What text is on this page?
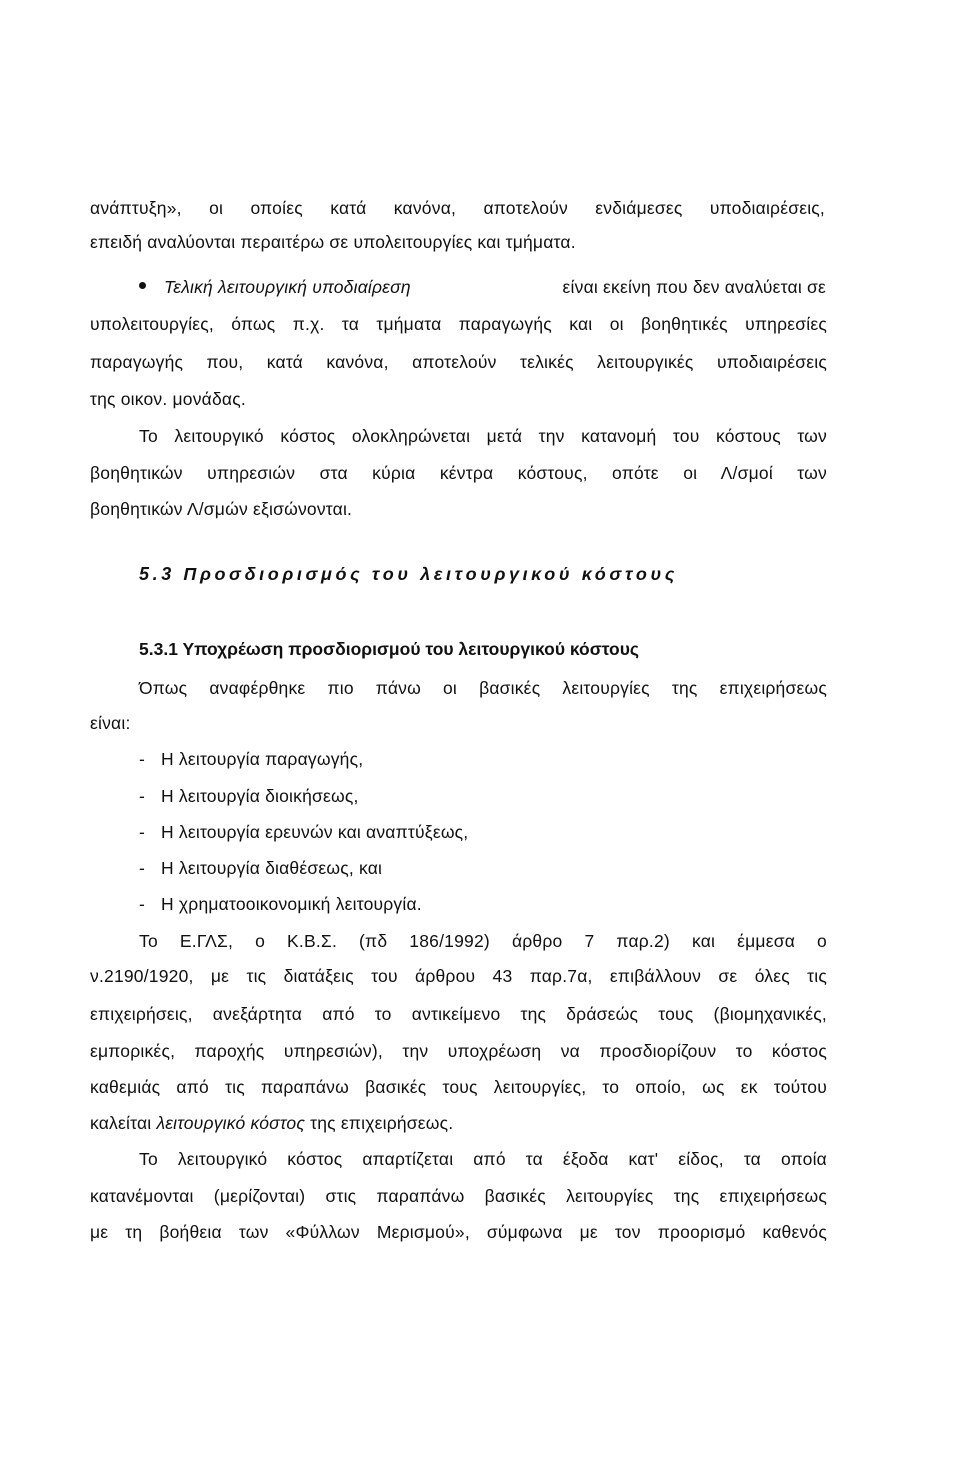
ανάπτυξη», οι οποίες κατά κανόνα, αποτελούν ενδιάμεσες υποδιαιρέσεις,
επειδή αναλύονται περαιτέρω σε υπολειτουργίες και τμήματα.
Τελική λειτουργική υποδιαίρεση	είναι εκείνη που δεν αναλύεται σε
υπολειτουργίες, όπως π.χ. τα τμήματα παραγωγής και οι βοηθητικές υπηρεσίες
παραγωγής που, κατά κανόνα, αποτελούν τελικές λειτουργικές υποδιαιρέσεις
της οικον. μονάδας.
Το λειτουργικό κόστος ολοκληρώνεται μετά την κατανομή του κόστους των
βοηθητικών υπηρεσιών στα κύρια κέντρα κόστους, οπότε οι Λ/σμοί των
βοηθητικών Λ/σμών εξισώνονται.
5.3 Προσδιορισμός του λειτουργικού κόστους
5.3.1 Υποχρέωση προσδιορισμού του λειτουργικού κόστους
Όπως αναφέρθηκε πιο πάνω οι βασικές λειτουργίες της επιχειρήσεως
είναι:
- Η λειτουργία παραγωγής,
- Η λειτουργία διοικήσεως,
- Η λειτουργία ερευνών και αναπτύξεως,
- Η λειτουργία διαθέσεως, και
- Η χρηματοοικονομική λειτουργία.
Το Ε.ΓΛΣ, ο Κ.Β.Σ. (πδ 186/1992) άρθρο 7 παρ.2) και έμμεσα ο
ν.2190/1920, με τις διατάξεις του άρθρου 43 παρ.7α, επιβάλλουν σε όλες τις
επιχειρήσεις, ανεξάρτητα από το αντικείμενο της δράσεώς τους (βιομηχανικές,
εμπορικές, παροχής υπηρεσιών), την υποχρέωση να προσδιορίζουν το κόστος
καθεμιάς από τις παραπάνω βασικές τους λειτουργίες, το οποίο, ως εκ τούτου
καλείται λειτουργικό κόστος της επιχειρήσεως.
Το λειτουργικό κόστος απαρτίζεται από τα έξοδα κατ' είδος, τα οποία
κατανέμονται (μερίζονται) στις παραπάνω βασικές λειτουργίες της επιχειρήσεως
με τη βοήθεια των «Φύλλων Μερισμού», σύμφωνα με τον προορισμό καθενός
